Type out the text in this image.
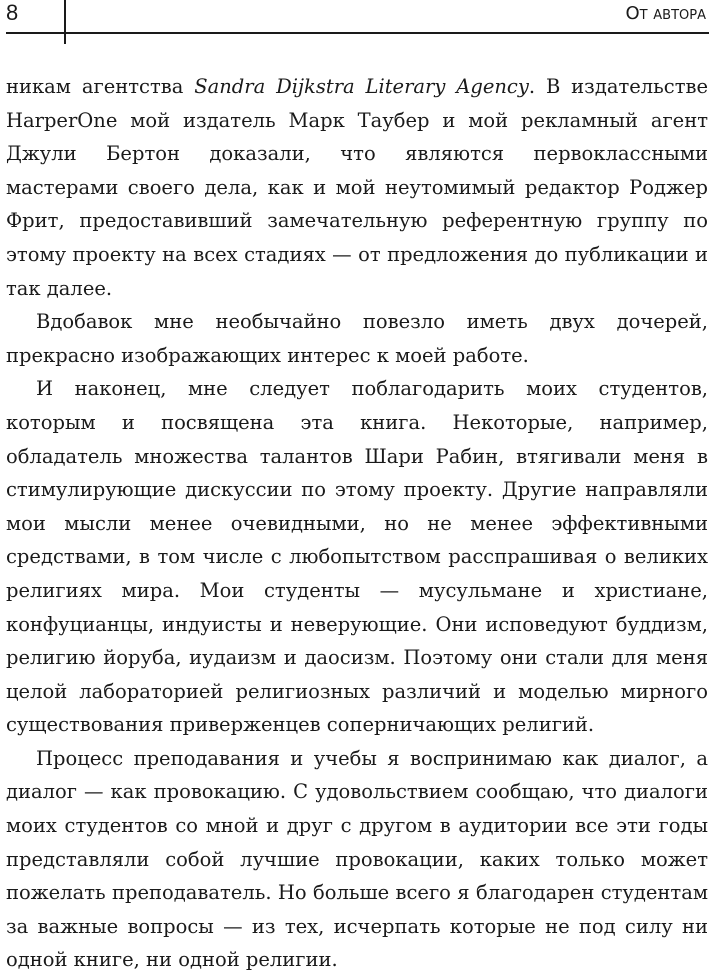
8	От автора

никам агентства Sandra Dijkstra Literary Agency. В издательстве HarperOne мой издатель Марк Таубер и мой рекламный агент Джули Бертон доказали, что являются первоклассными мастерами своего дела, как и мой неутомимый редактор Роджер Фрит, предоставивший замечательную референтную группу по этому проекту на всех стадиях — от предложения до публикации и так далее.

Вдобавок мне необычайно повезло иметь двух дочерей, прекрасно изображающих интерес к моей работе.

И наконец, мне следует поблагодарить моих студентов, которым и посвящена эта книга. Некоторые, например, обладатель множества талантов Шари Рабин, втягивали меня в стимулирующие дискуссии по этому проекту. Другие направляли мои мысли менее очевидными, но не менее эффективными средствами, в том числе с любопытством расспрашивая о великих религиях мира. Мои студенты — мусульмане и христиане, конфуцианцы, индуисты и неверующие. Они исповедуют буддизм, религию йоруба, иудаизм и даосизм. Поэтому они стали для меня целой лабораторией религиозных различий и моделью мирного существования приверженцев соперничающих религий.

Процесс преподавания и учебы я воспринимаю как диалог, а диалог — как провокацию. С удовольствием сообщаю, что диалоги моих студентов со мной и друг с другом в аудитории все эти годы представляли собой лучшие провокации, каких только может пожелать преподаватель. Но больше всего я благодарен студентам за важные вопросы — из тех, исчерпать которые не под силу ни одной книге, ни одной религии.
